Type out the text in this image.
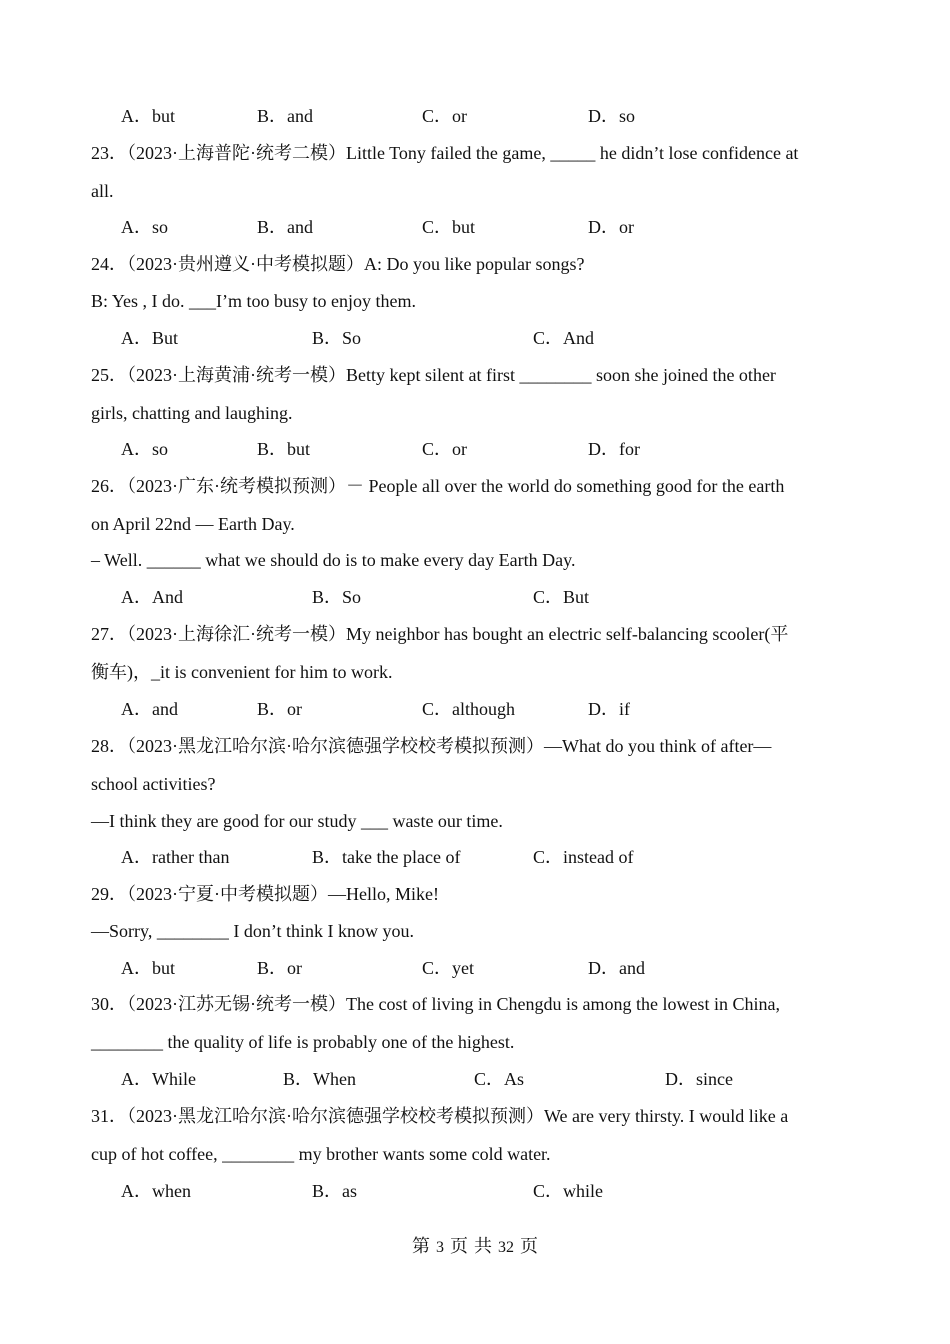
A．but	B．and	C．or	D．so
23．（2023·上海普陀·统考二模）Little Tony failed the game, _____ he didn’t lose confidence at
all.
A．so	B．and	C．but	D．or
24．（2023·贵州遵义·中考模拟题）A: Do you like popular songs?
B: Yes , I do. ___I’m too busy to enjoy them.
A．But	B．So	C．And
25．（2023·上海黄浦·统考一模）Betty kept silent at first ________ soon she joined the other
girls, chatting and laughing.
A．so	B．but	C．or	D．for
26．（2023·广东·统考模拟预测）－ People all over the world do something good for the earth
on April 22nd — Earth Day.
– Well. ______ what we should do is to make every day Earth Day.
A．And	B．So	C．But
27．（2023·上海徐汇·统考一模）My neighbor has bought an electric self-balancing scooler(平
衡车)，_it is convenient for him to work.
A．and	B．or	C．although	D．if
28．（2023·黑龙江哈尔滨·哈尔滨德强学校校考模拟预测）—What do you think of after—
school activities?
—I think they are good for our study ___ waste our time.
A．rather than	B．take the place of	C．instead of
29．（2023·宁夏·中考模拟题）—Hello, Mike!
—Sorry, ________ I don’t think I know you.
A．but	B．or	C．yet	D．and
30．（2023·江苏无锡·统考一模）The cost of living in Chengdu is among the lowest in China,
________ the quality of life is probably one of the highest.
A．While	B．When	C．As	D．since
31．（2023·黑龙江哈尔滨·哈尔滨德强学校校考模拟预测）We are very thirsty. I would like a
cup of hot coffee, ________ my brother wants some cold water.
A．when	B．as	C．while
第 3 页 共 32 页
